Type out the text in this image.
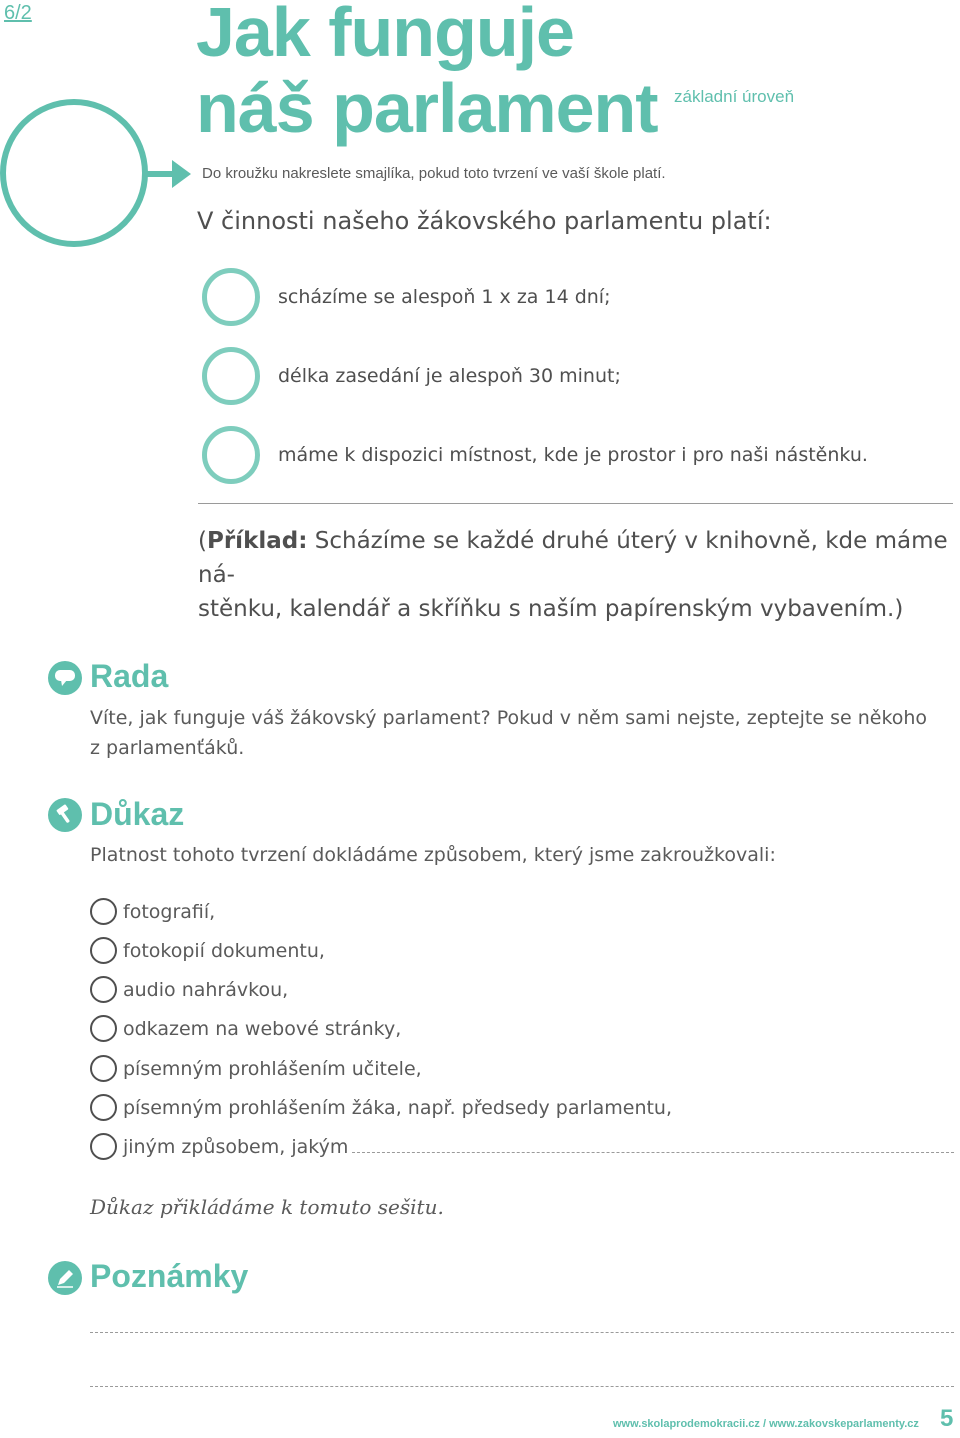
6/2 Jak funguje
náš parlament základní úroveň
Do kroužku nakreslete smajlíka, pokud toto tvrzení ve vaší škole platí.
V činnosti našeho žákovského parlamentu platí:
scházíme se alespoň 1 x za 14 dní;
délka zasedání je alespoň 30 minut;
máme k dispozici místnost, kde je prostor i pro naši nástěnku.
(Příklad: Scházíme se každé druhé úterý v knihovně, kde máme ná-
stěnku, kalendář a skříňku s naším papírenským vybavením.)
Rada
Víte, jak funguje váš žákovský parlament? Pokud v něm sami nejste, zeptejte se někoho
z parlamenťáků.
Důkaz
Platnost tohoto tvrzení dokládáme způsobem, který jsme zakroužkovali:
fotografií,
fotokopií dokumentu,
audio nahrávkou,
odkazem na webové stránky,
písemným prohlášením učitele,
písemným prohlášením žáka, např. předsedy parlamentu,
jiným způsobem, jakým
Důkaz přikládáme k tomuto sešitu.
Poznámky
www.skolaprodemokracii.cz / www.zakovskeparlamenty.cz 5
